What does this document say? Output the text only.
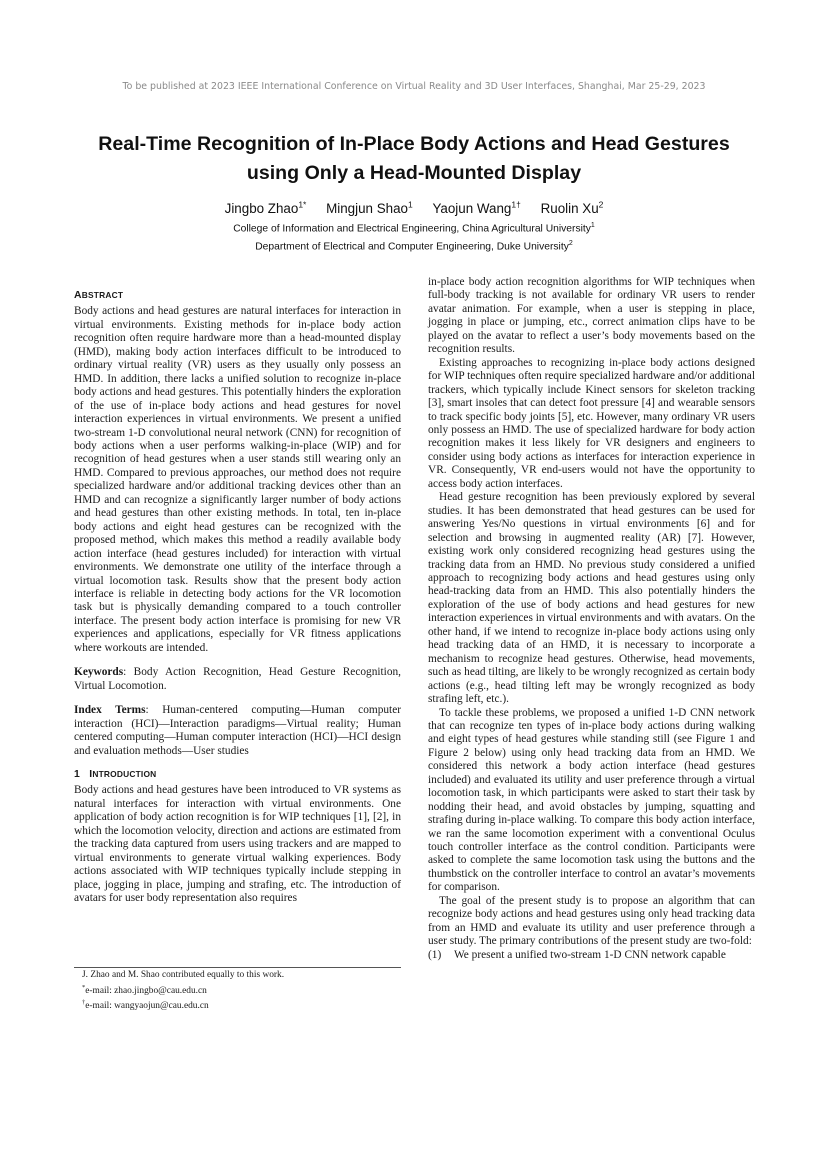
To be published at 2023 IEEE International Conference on Virtual Reality and 3D User Interfaces, Shanghai, Mar 25-29, 2023
Real-Time Recognition of In-Place Body Actions and Head Gestures
using Only a Head-Mounted Display
Jingbo Zhao$^{1*}$ Mingjun Shao$^1$ Yaojun Wang$^{1\dagger}$ Ruolin Xu$^2$
College of Information and Electrical Engineering, China Agricultural University$^1$
Department of Electrical and Computer Engineering, Duke University$^2$
ABSTRACT

Body actions and head gestures are natural interfaces for interaction in virtual environments. Existing methods for in-place body action recognition often require hardware more than a head-mounted display (HMD), making body action interfaces difficult to be introduced to ordinary virtual reality (VR) users as they usually only possess an HMD. In addition, there lacks a unified solution to recognize in-place body actions and head gestures. This potentially hinders the exploration of the use of in-place body actions and head gestures for novel interaction experiences in virtual environments. We present a unified two-stream 1-D convolutional neural network (CNN) for recognition of body actions when a user performs walking-in-place (WIP) and for recognition of head gestures when a user stands still wearing only an HMD. Compared to previous approaches, our method does not require specialized hardware and/or additional tracking devices other than an HMD and can recognize a significantly larger number of body actions and head gestures than other existing methods. In total, ten in-place body actions and eight head gestures can be recognized with the proposed method, which makes this method a readily available body action interface (head gestures included) for interaction with virtual environments. We demonstrate one utility of the interface through a virtual locomotion task. Results show that the present body action interface is reliable in detecting body actions for the VR locomotion task but is physically demanding compared to a touch controller interface. The present body action interface is promising for new VR experiences and applications, especially for VR fitness applications where workouts are intended.

Keywords: Body Action Recognition, Head Gesture Recognition, Virtual Locomotion.

Index Terms: Human-centered computing—Human computer interaction (HCI)—Interaction paradigms—Virtual reality; Human centered computing—Human computer interaction (HCI)—HCI design and evaluation methods—User studies

1 INTRODUCTION

Body actions and head gestures have been introduced to VR systems as natural interfaces for interaction with virtual environments. One application of body action recognition is for WIP techniques [1], [2], in which the locomotion velocity, direction and actions are estimated from the tracking data captured from users using trackers and are mapped to virtual environments to generate virtual walking experiences. Body actions associated with WIP techniques typically include stepping in place, jogging in place, jumping and strafing, etc. The introduction of avatars for user body representation also requires

J. Zhao and M. Shao contributed equally to this work.
*e-mail: zhao.jingbo@cau.edu.cn
†e-mail: wangyaojun@cau.edu.cn

in-place body action recognition algorithms for WIP techniques when full-body tracking is not available for ordinary VR users to render avatar animation. For example, when a user is stepping in place, jogging in place or jumping, etc., correct animation clips have to be played on the avatar to reflect a user’s body movements based on the recognition results.

Existing approaches to recognizing in-place body actions designed for WIP techniques often require specialized hardware and/or additional trackers, which typically include Kinect sensors for skeleton tracking [3], smart insoles that can detect foot pressure [4] and wearable sensors to track specific body joints [5], etc. However, many ordinary VR users only possess an HMD. The use of specialized hardware for body action recognition makes it less likely for VR designers and engineers to consider using body actions as interfaces for interaction experience in VR. Consequently, VR end-users would not have the opportunity to access body action interfaces.

Head gesture recognition has been previously explored by several studies. It has been demonstrated that head gestures can be used for answering Yes/No questions in virtual environments [6] and for selection and browsing in augmented reality (AR) [7]. However, existing work only considered recognizing head gestures using the tracking data from an HMD. No previous study considered a unified approach to recognizing body actions and head gestures using only head-tracking data from an HMD. This also potentially hinders the exploration of the use of body actions and head gestures for new interaction experiences in virtual environments and with avatars. On the other hand, if we intend to recognize in-place body actions using only head tracking data of an HMD, it is necessary to incorporate a mechanism to recognize head gestures. Otherwise, head movements, such as head tilting, are likely to be wrongly recognized as certain body actions (e.g., head tilting left may be wrongly recognized as body strafing left, etc.).

To tackle these problems, we proposed a unified 1-D CNN network that can recognize ten types of in-place body actions during walking and eight types of head gestures while standing still (see Figure 1 and Figure 2 below) using only head tracking data from an HMD. We considered this network a body action interface (head gestures included) and evaluated its utility and user preference through a virtual locomotion task, in which participants were asked to start their task by nodding their head, and avoid obstacles by jumping, squatting and strafing during in-place walking. To compare this body action interface, we ran the same locomotion experiment with a conventional Oculus touch controller interface as the control condition. Participants were asked to complete the same locomotion task using the buttons and the thumbstick on the controller interface to control an avatar’s movements for comparison.

The goal of the present study is to propose an algorithm that can recognize body actions and head gestures using only head tracking data from an HMD and evaluate its utility and user preference through a user study. The primary contributions of the present study are two-fold:

(1)	We present a unified two-stream 1-D CNN network capable
